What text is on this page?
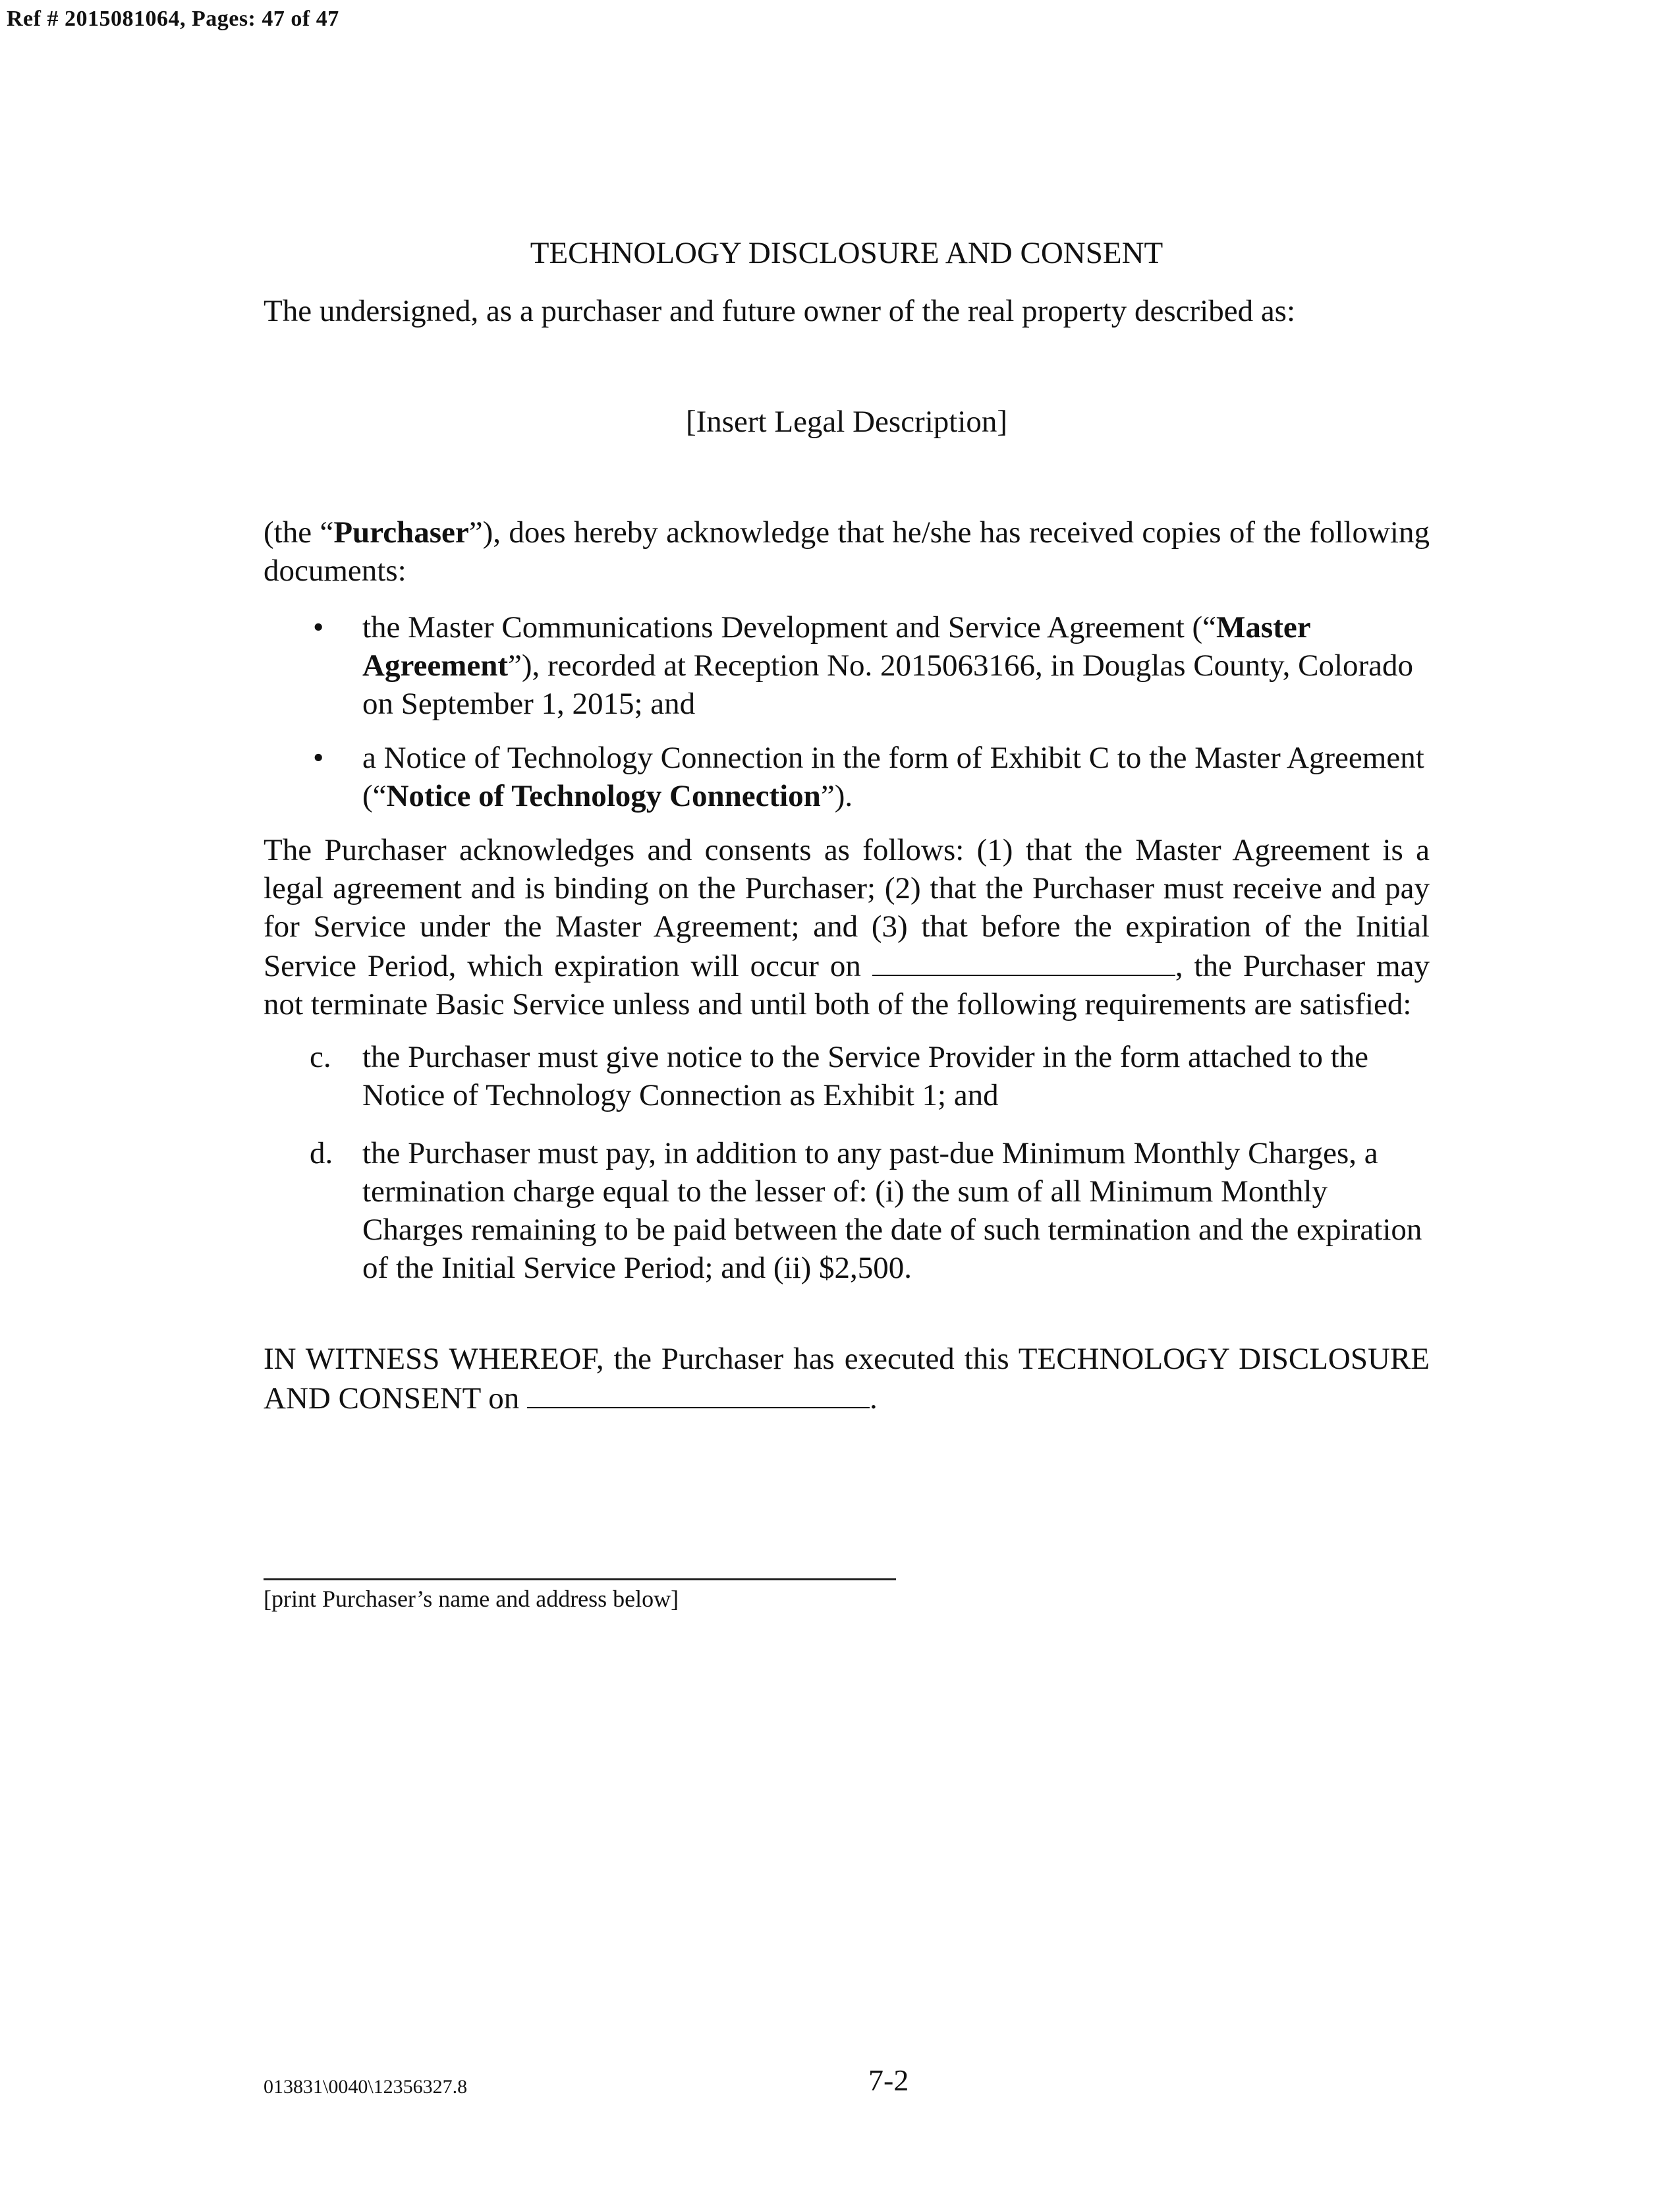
Ref # 2015081064, Pages: 47 of 47

TECHNOLOGY DISCLOSURE AND CONSENT

The undersigned, as a purchaser and future owner of the real property described as:

[Insert Legal Description]

(the “Purchaser”), does hereby acknowledge that he/she has received copies of the following documents:

•	the Master Communications Development and Service Agreement (“Master Agreement”), recorded at Reception No. 2015063166, in Douglas County, Colorado on September 1, 2015; and
•	a Notice of Technology Connection in the form of Exhibit C to the Master Agreement (“Notice of Technology Connection”).

The Purchaser acknowledges and consents as follows: (1) that the Master Agreement is a legal agreement and is binding on the Purchaser; (2) that the Purchaser must receive and pay for Service under the Master Agreement; and (3) that before the expiration of the Initial Service Period, which expiration will occur on	, the Purchaser may not terminate Basic Service unless and until both of the following requirements are satisfied:

c. the Purchaser must give notice to the Service Provider in the form attached to the Notice of Technology Connection as Exhibit 1; and
d. the Purchaser must pay, in addition to any past-due Minimum Monthly Charges, a termination charge equal to the lesser of: (i) the sum of all Minimum Monthly Charges remaining to be paid between the date of such termination and the expiration of the Initial Service Period; and (ii) $2,500.

IN WITNESS WHEREOF, the Purchaser has executed this TECHNOLOGY DISCLOSURE AND CONSENT on	.

[print Purchaser’s name and address below]
013831\0040\12356327.8	7-2
